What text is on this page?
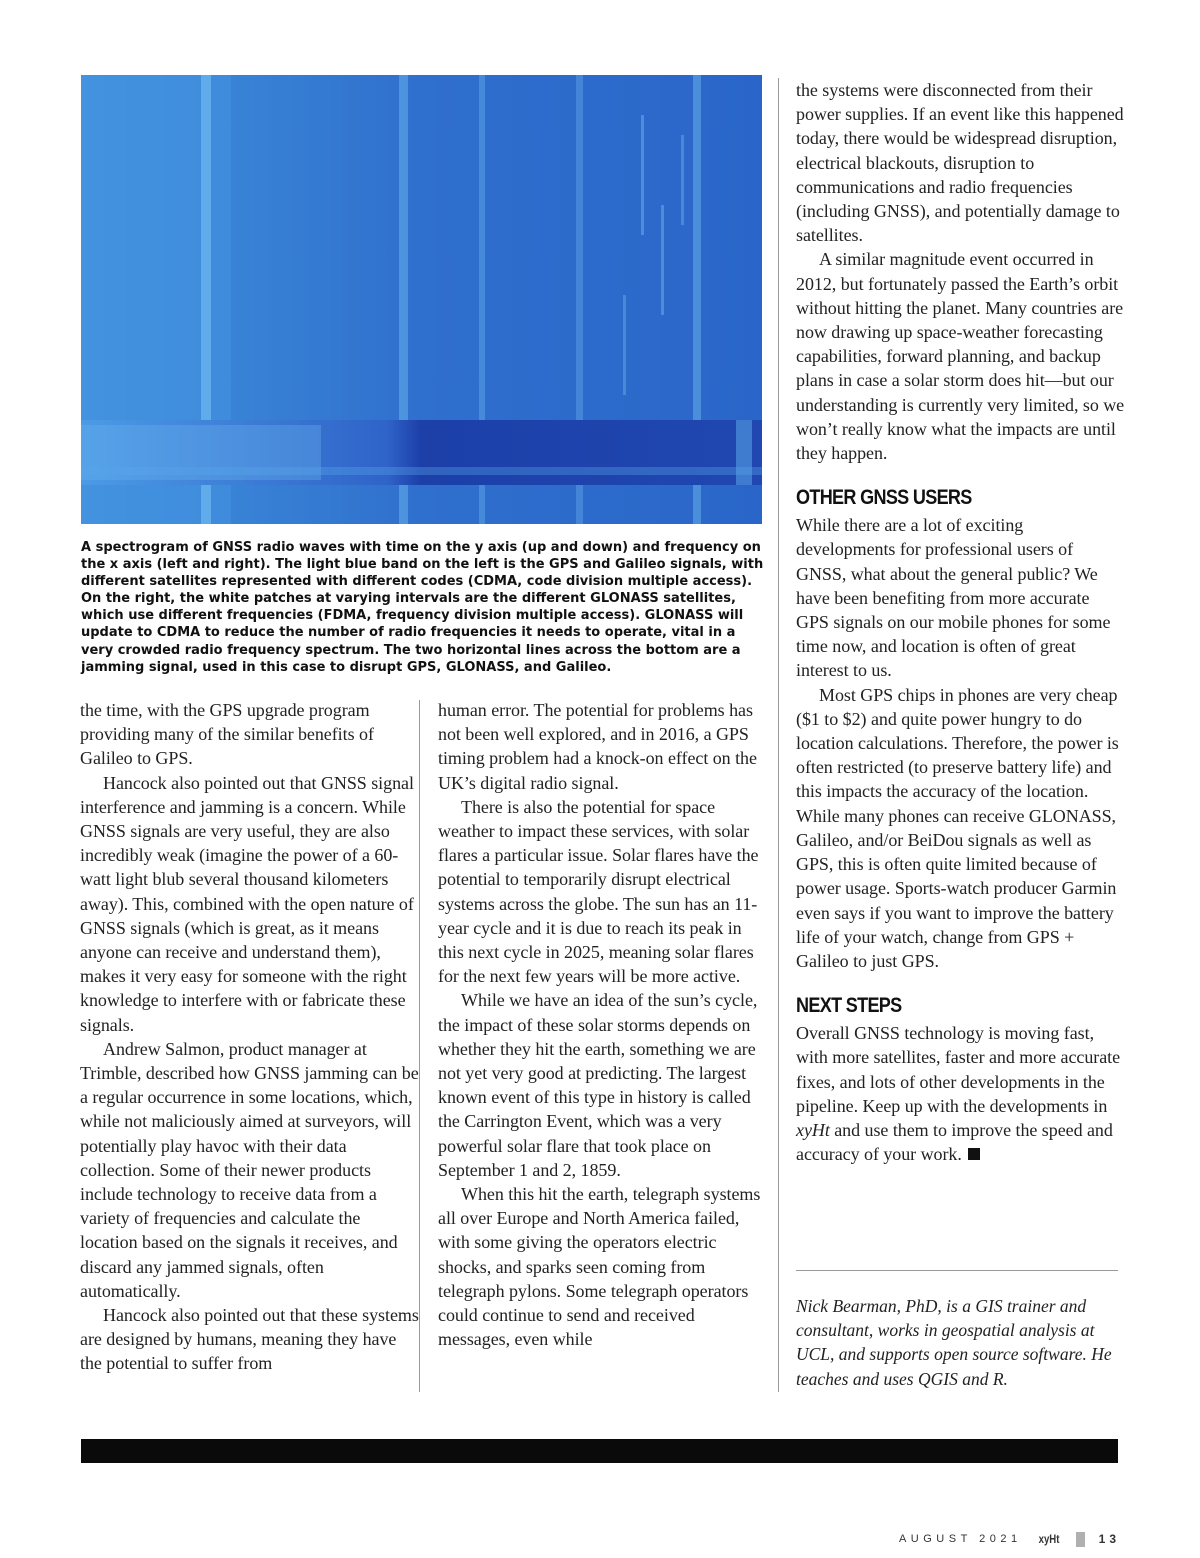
A spectrogram of GNSS radio waves with time on the y axis (up and down) and frequency on the x axis (left and right). The light blue band on the left is the GPS and Galileo signals, with different satellites represented with different codes (CDMA, code division multiple access). On the right, the white patches at varying intervals are the different GLONASS satellites, which use different frequencies (FDMA, frequency division multiple access). GLONASS will update to CDMA to reduce the number of radio frequencies it needs to operate, vital in a very crowded radio frequency spectrum. The two horizontal lines across the bottom are a jamming signal, used in this case to disrupt GPS, GLONASS, and Galileo.

the time, with the GPS upgrade program providing many of the similar benefits of Galileo to GPS.

Hancock also pointed out that GNSS signal interference and jamming is a concern. While GNSS signals are very useful, they are also incredibly weak (imagine the power of a 60-watt light blub several thousand kilometers away). This, combined with the open nature of GNSS signals (which is great, as it means anyone can receive and understand them), makes it very easy for someone with the right knowledge to interfere with or fabricate these signals.

Andrew Salmon, product manager at Trimble, described how GNSS jamming can be a regular occurrence in some locations, which, while not maliciously aimed at surveyors, will potentially play havoc with their data collection. Some of their newer products include technology to receive data from a variety of frequencies and calculate the location based on the signals it receives, and discard any jammed signals, often automatically.

Hancock also pointed out that these systems are designed by humans, meaning they have the potential to suffer from

human error. The potential for problems has not been well explored, and in 2016, a GPS timing problem had a knock-on effect on the UK’s digital radio signal.

There is also the potential for space weather to impact these services, with solar flares a particular issue. Solar flares have the potential to temporarily disrupt electrical systems across the globe. The sun has an 11-year cycle and it is due to reach its peak in this next cycle in 2025, meaning solar flares for the next few years will be more active.

While we have an idea of the sun’s cycle, the impact of these solar storms depends on whether they hit the earth, something we are not yet very good at predicting. The largest known event of this type in history is called the Carrington Event, which was a very powerful solar flare that took place on September 1 and 2, 1859.

When this hit the earth, telegraph systems all over Europe and North America failed, with some giving the operators electric shocks, and sparks seen coming from telegraph pylons. Some telegraph operators could continue to send and received messages, even while

the systems were disconnected from their power supplies. If an event like this happened today, there would be widespread disruption, electrical blackouts, disruption to communications and radio frequencies (including GNSS), and potentially damage to satellites.

A similar magnitude event occurred in 2012, but fortunately passed the Earth’s orbit without hitting the planet. Many countries are now drawing up space-weather forecasting capabilities, forward planning, and backup plans in case a solar storm does hit—but our understanding is currently very limited, so we won’t really know what the impacts are until they happen.

OTHER GNSS USERS

While there are a lot of exciting developments for professional users of GNSS, what about the general public? We have been benefiting from more accurate GPS signals on our mobile phones for some time now, and location is often of great interest to us.

Most GPS chips in phones are very cheap ($1 to $2) and quite power hungry to do location calculations. Therefore, the power is often restricted (to preserve battery life) and this impacts the accuracy of the location. While many phones can receive GLONASS, Galileo, and/or BeiDou signals as well as GPS, this is often quite limited because of power usage. Sports-watch producer Garmin even says if you want to improve the battery life of your watch, change from GPS + Galileo to just GPS.

NEXT STEPS

Overall GNSS technology is moving fast, with more satellites, faster and more accurate fixes, and lots of other developments in the pipeline. Keep up with the developments in xyHt and use them to improve the speed and accuracy of your work.

Nick Bearman, PhD, is a GIS trainer and consultant, works in geospatial analysis at UCL, and supports open source software. He teaches and uses QGIS and R.
AUGUST 2021 xyHt	13
